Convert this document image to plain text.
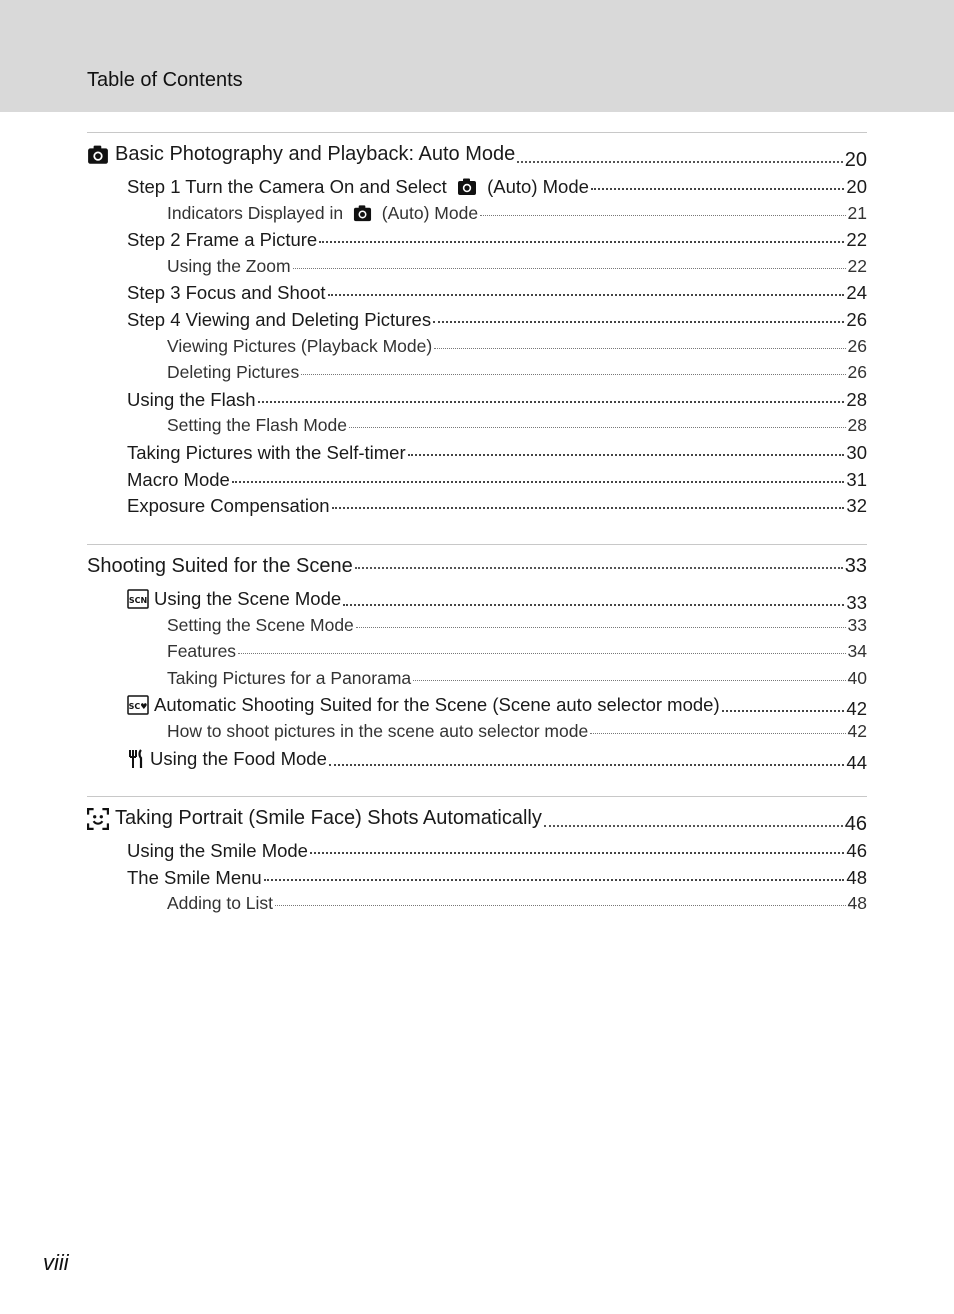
Table of Contents
Basic Photography and Playback: Auto Mode	20
Step 1 Turn the Camera On and Select (Auto) Mode	20
Indicators Displayed in (Auto) Mode	21
Step 2 Frame a Picture	22
Using the Zoom	22
Step 3 Focus and Shoot	24
Step 4 Viewing and Deleting Pictures	26
Viewing Pictures (Playback Mode)	26
Deleting Pictures	26
Using the Flash	28
Setting the Flash Mode	28
Taking Pictures with the Self-timer	30
Macro Mode	31
Exposure Compensation	32
Shooting Suited for the Scene	33
SCN Using the Scene Mode	33
Setting the Scene Mode	33
Features	34
Taking Pictures for a Panorama	40
SC♥ Automatic Shooting Suited for the Scene (Scene auto selector mode)	42
How to shoot pictures in the scene auto selector mode	42
Using the Food Mode	44
Taking Portrait (Smile Face) Shots Automatically	46
Using the Smile Mode	46
The Smile Menu	48
Adding to List	48
viii
